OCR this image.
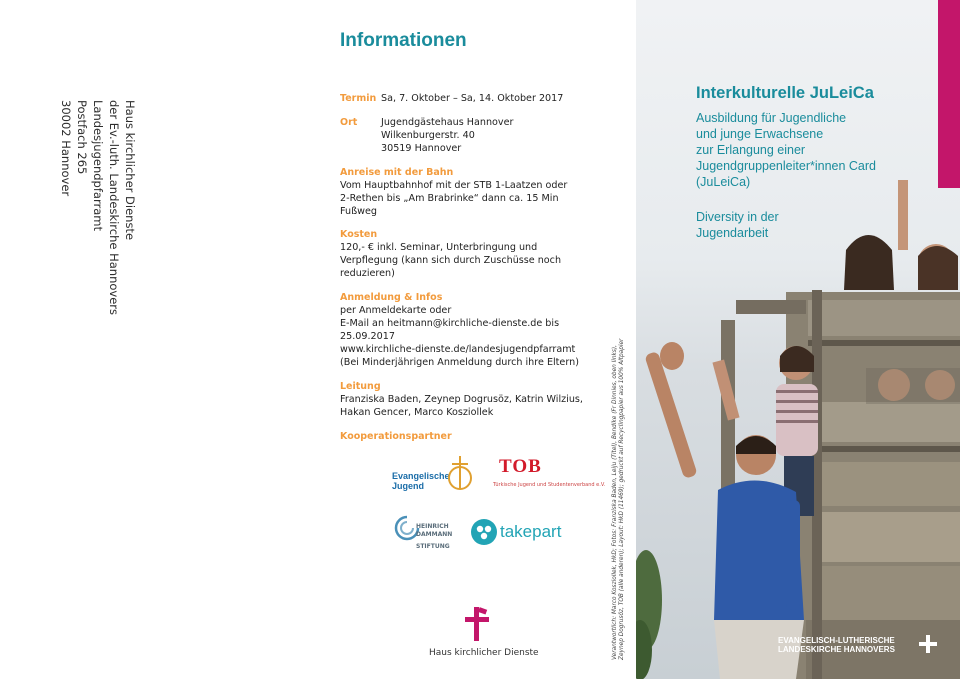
Haus kirchlicher Dienste
der Ev.-luth. Landeskirche Hannovers
Landesjugendpfarramt
Postfach 265
30002 Hannover
Informationen
Termin Sa, 7. Oktober – Sa, 14. Oktober 2017
Ort Jugendgästehaus Hannover
Wilkenburgerstr. 40
30519 Hannover
Anreise mit der Bahn
Vom Hauptbahnhof mit der STB 1-Laatzen oder
2-Rethen bis „Am Brabrinke“ dann ca. 15 Min
Fußweg
Kosten
120,- € inkl. Seminar, Unterbringung und
Verpflegung (kann sich durch Zuschüsse noch
reduzieren)
Anmeldung & Infos
per Anmeldekarte oder
E-Mail an heitmann@kirchliche-dienste.de bis
25.09.2017
www.kirchliche-dienste.de/landesjugendpfarramt
(Bei Minderjährigen Anmeldung durch ihre Eltern)
Leitung
Franziska Baden, Zeynep Dogrusöz, Katrin Wilzius,
Hakan Gencer, Marco Kosziollek
Kooperationspartner
Evangelische
Jugend
TOB
Türkische Jugend und Studentenverband e.V.
HEINRICH
DAMMANN
STIFTUNG
takepart
Haus kirchlicher Dienste
Interkulturelle JuLeiCa
Ausbildung für Jugendliche
und junge Erwachsene
zur Erlangung einer
Jugendgruppenleiter*innen Card
(JuLeiCa)
Diversity in der
Jugendarbeit
Verantwortlich: Marco Kosziollek, HkD; Fotos: Franziska Baden, Leiju (Titel), Bendike (Fr Dinnies, oben links), Zeynep Dogrusöz, TOB (alle anderen); Layout: HkD (11469); gedruckt auf Recyclingpapier aus 100% Altpapier	EVANGELISCH-LUTHERISCHE
LANDESKIRCHE HANNOVERS
